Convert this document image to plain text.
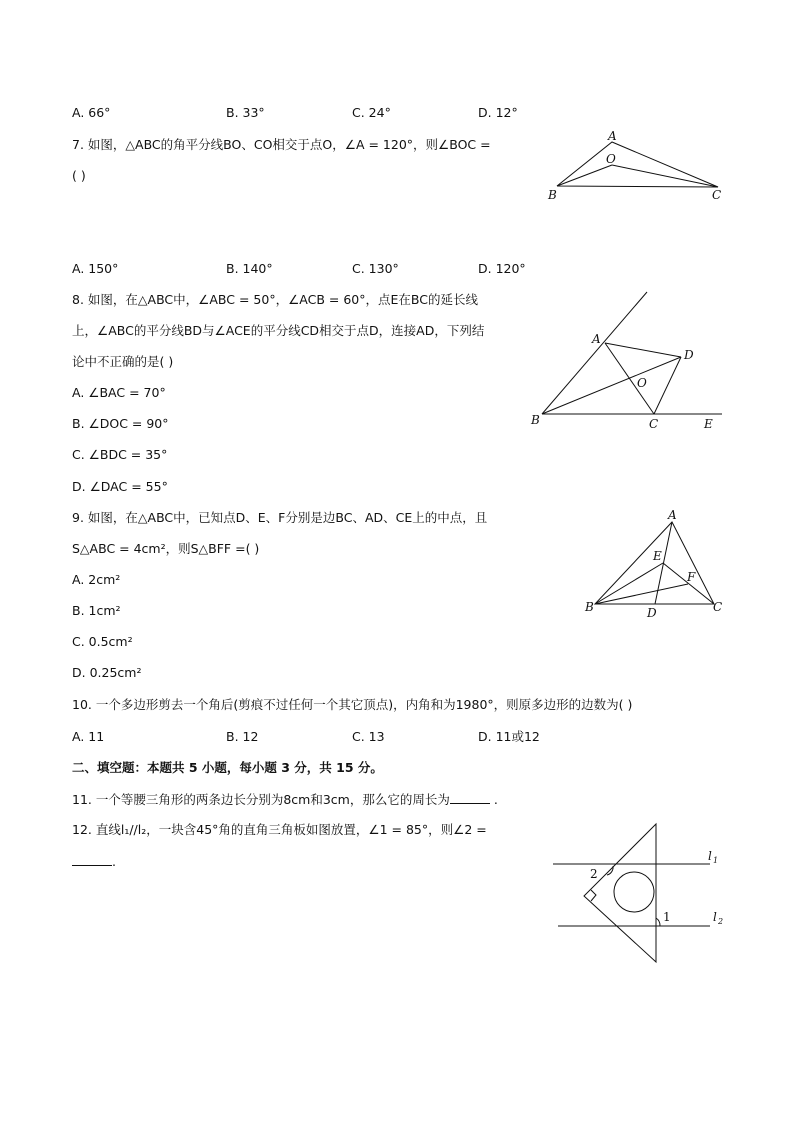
A. 66°	B. 33°	C. 24°	D. 12°
7. 如图，△ABC的角平分线BO、CO相交于点O，∠A = 120°，则∠BOC =
( )
A
O
B	C
A. 150°	B. 140°	C. 130°	D. 120°
8. 如图，在△ABC中，∠ABC = 50°，∠ACB = 60°，点E在BC的延长线
上，∠ABC的平分线BD与∠ACE的平分线CD相交于点D，连接AD，下列结
论中不正确的是( )
A. ∠BAC = 70°
B. ∠DOC = 90°
C. ∠BDC = 35°
D. ∠DAC = 55°
A
D
O
B	C	E
9. 如图，在△ABC中，已知点D、E、F分别是边BC、AD、CE上的中点，且
S△ABC = 4cm²，则S△BFF =( )
A. 2cm²
B. 1cm²
C. 0.5cm²
D. 0.25cm²
A
E
F
B	D	C
10. 一个多边形剪去一个角后(剪痕不过任何一个其它顶点)，内角和为1980°，则原多边形的边数为( )
A. 11	B. 12	C. 13	D. 11或12
二、填空题：本题共 5 小题，每小题 3 分，共 15 分。
11. 一个等腰三角形的两条边长分别为8cm和3cm，那么它的周长为	.
12. 直线l₁//l₂，一块含45°角的直角三角板如图放置，∠1 = 85°，则∠2 =
.
2
1
l 1
l 2
